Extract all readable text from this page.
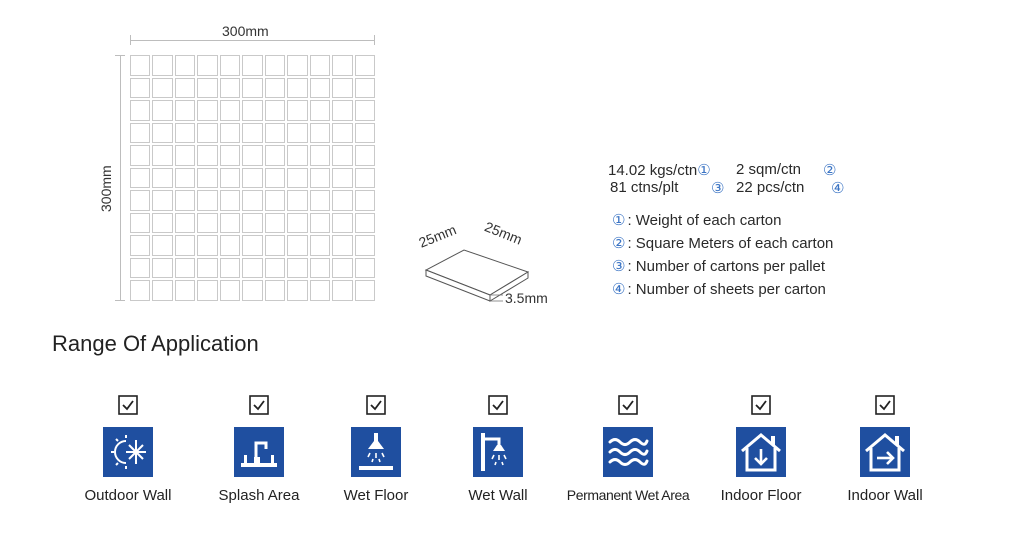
300mm
300mm
25mm 25mm
3.5mm
14.02 kgs/ctn① 2 sqm/ctn ②
81 ctns/plt ③ 22 pcs/ctn ④
① : Weight of each carton
② : Square Meters of each carton
③ : Number of cartons per pallet
④ : Number of sheets per carton
Range Of Application
Outdoor Wall	Splash Area	Wet Floor	Wet Wall	Permanent Wet Area	Indoor Floor	Indoor Wall
